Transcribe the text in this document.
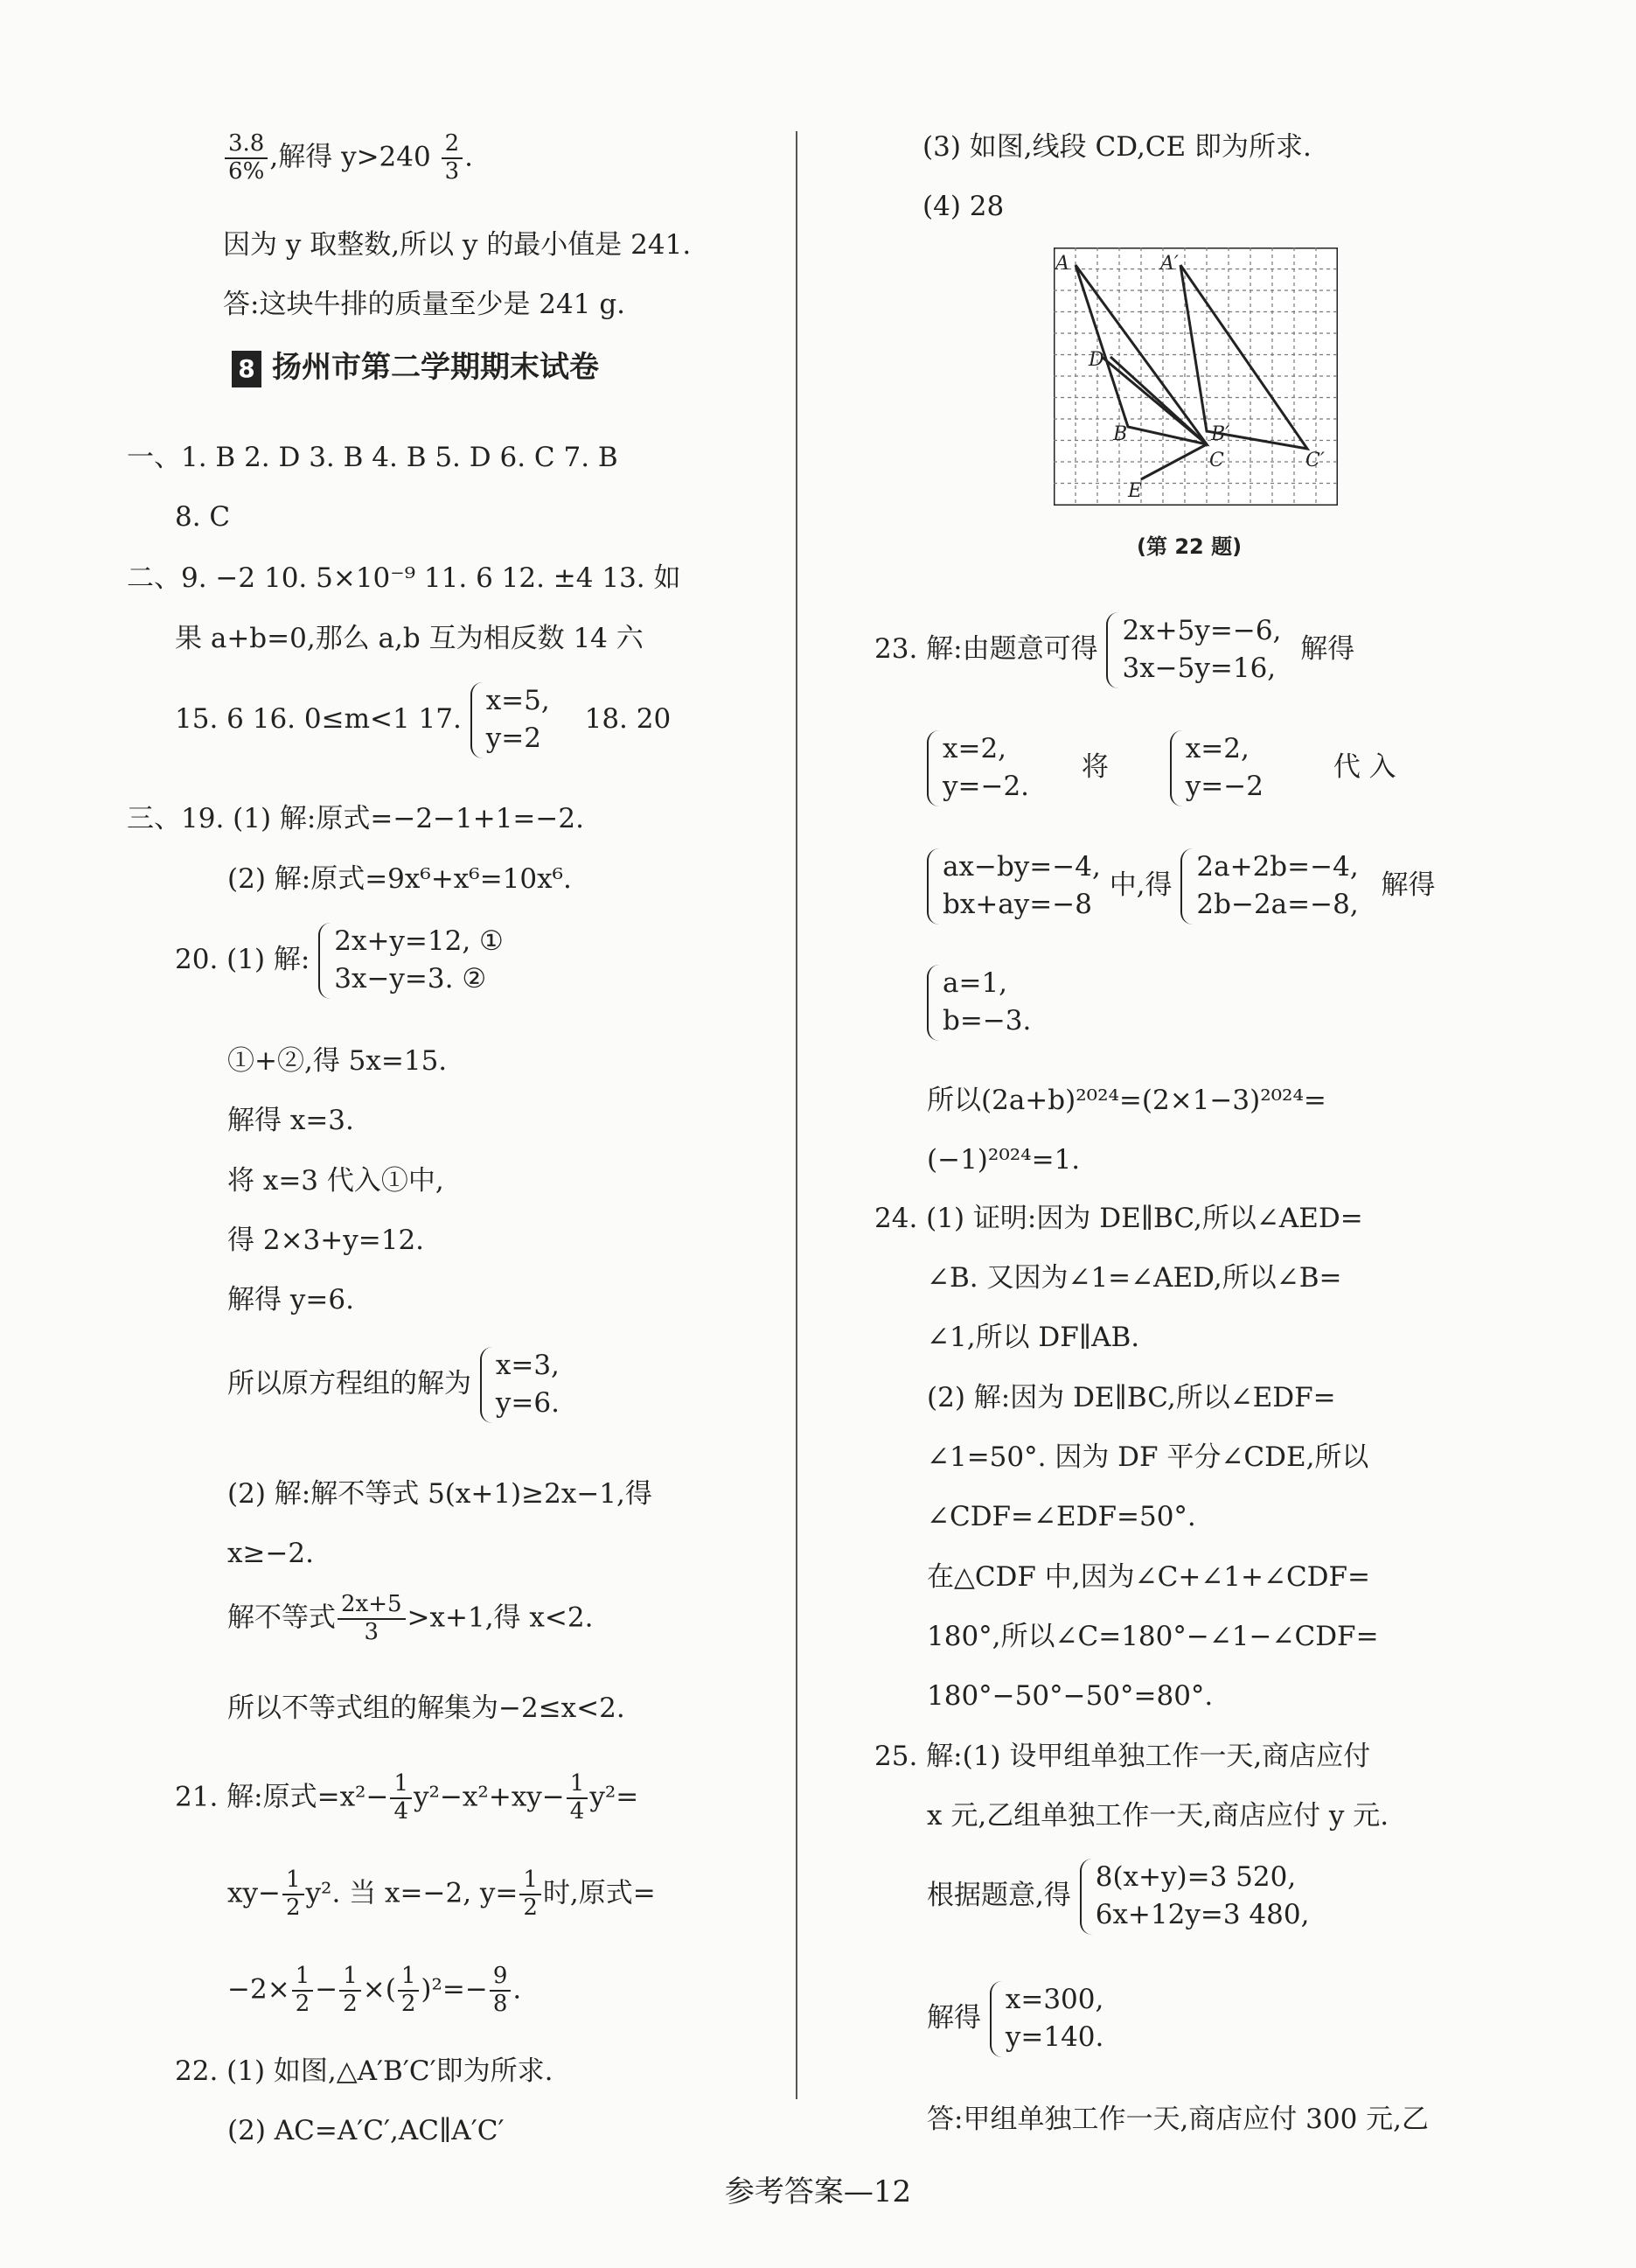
$\frac{3.8}{6\%}$ ,解得 $y>240 \frac{2}{3}$ .
因为 y 取整数,所以 y 的最小值是 241.
答:这块牛排的质量至少是 241 g.
8 扬州市第二学期期末试卷
一、1. B 2. D 3. B 4. B 5. D 6. C 7. B
8. C
二、9. −2 10. 5×10⁻⁹ 11. 6 12. ±4 13. 如
果 a+b=0,那么 a,b 互为相反数 14 六
15. 6 16. 0≤m<1 17.
x=5,
y=2
18. 20
三、19. (1) 解:原式=−2−1+1=−2.
(2) 解:原式=9x⁶+x⁶=10x⁶.
20. (1) 解:
2x+y=12, ①
3x−y=3. ②
①+②,得 5x=15.
解得 x=3.
将 x=3 代入①中,
得 2×3+y=12.
解得 y=6.
所以原方程组的解为
x=3,
y=6.
(2) 解:解不等式 5(x+1)≥2x−1,得
x≥−2.
解不等式 $\frac{2x+5}{3} >x+1$,得 x<2.
所以不等式组的解集为−2≤x<2.
21. 解:原式$=x^2- \frac{1}{4} y^2-x^2+xy- \frac{1}{4} y^2=$
$xy- \frac{1}{2} y^2$. 当 x=−2, $y= \frac{1}{2}$ 时,原式=
$-2\times \frac{1}{2} - \frac{1}{2}$ ×( $\frac{1}{2} )^2=- \frac{9}{8}$ .
22. (1) 如图,△A′B′C′即为所求.
(2) AC=A′C′,AC∥A′C′
(3) 如图,线段 CD,CE 即为所求.
(4) 28
A	A′
D
B	B′
C	C′
E
(第 22 题)
23. 解:由题意可得
2x+5y=−6,
3x−5y=16,
解得
x=2,
y=−2.
将
x=2,
y=−2
代 入
ax−by=−4,
bx+ay=−8
中,得
2a+2b=−4,
2b−2a=−8,
解得
a=1,
b=−3.
所以(2a+b)²⁰²⁴=(2×1−3)²⁰²⁴=
(−1)²⁰²⁴=1.
24. (1) 证明:因为 DE∥BC,所以∠AED=
∠B. 又因为∠1=∠AED,所以∠B=
∠1,所以 DF∥AB.
(2) 解:因为 DE∥BC,所以∠EDF=
∠1=50°. 因为 DF 平分∠CDE,所以
∠CDF=∠EDF=50°.
在△CDF 中,因为∠C+∠1+∠CDF=
180°,所以∠C=180°−∠1−∠CDF=
180°−50°−50°=80°.
25. 解:(1) 设甲组单独工作一天,商店应付
x 元,乙组单独工作一天,商店应付 y 元.
根据题意,得
8(x+y)=3 520,
6x+12y=3 480,
解得
x=300,
y=140.
答:甲组单独工作一天,商店应付 300 元,乙
参考答案—12
